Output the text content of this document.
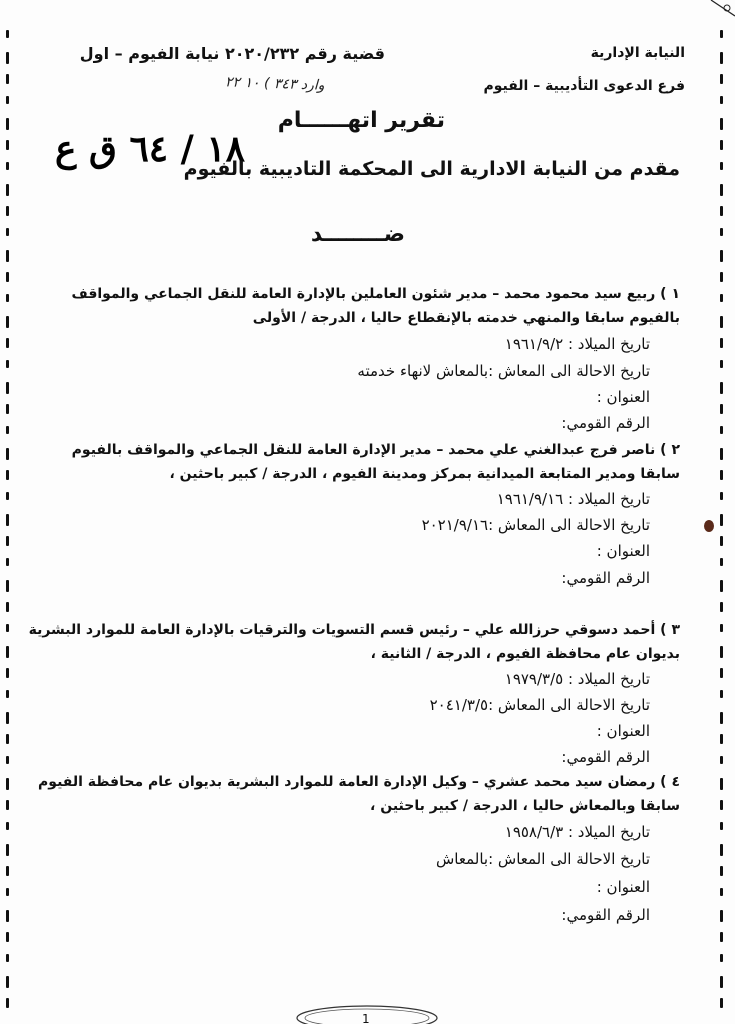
النيابة الإدارية
فرع الدعوى التأديبية – الفيوم
قضية رقم ٢٠٢٠/٢٣٢ نيابة الفيوم – اول
وارد ٣٤٣ ) ١٠ ٢٢
١٨ / ٦٤ ق ع
تقرير اتهــــــام
مقدم من النيابة الادارية الى المحكمة التاديبية بالفيوم
ضــــــــد
١ ) ربيع سيد محمود محمد – مدير شئون العاملين بالإدارة العامة للنقل الجماعي والمواقف
بالفيوم سابقا والمنهي خدمته بالإنقطاع حاليا ، الدرجة / الأولى
تاريخ الميلاد : ١٩٦١/٩/٢
تاريخ الاحالة الى المعاش :بالمعاش لانهاء خدمته
العنوان :
الرقم القومي:
٢ ) ناصر فرج عبدالغني علي محمد – مدير الإدارة العامة للنقل الجماعي والمواقف بالفيوم
سابقا ومدير المتابعة الميدانية بمركز ومدينة الفيوم ، الدرجة / كبير باحثين ،
تاريخ الميلاد : ١٩٦١/٩/١٦
تاريخ الاحالة الى المعاش :٢٠٢١/٩/١٦
العنوان :
الرقم القومي:
٣ ) أحمد دسوقي حرزالله علي – رئيس قسم التسويات والترقيات بالإدارة العامة للموارد البشرية
بديوان عام محافظة الفيوم ، الدرجة / الثانية ،
تاريخ الميلاد : ١٩٧٩/٣/٥
تاريخ الاحالة الى المعاش :٢٠٤١/٣/٥
العنوان :
الرقم القومي:
٤ ) رمضان سيد محمد عشري – وكيل الإدارة العامة للموارد البشرية بديوان عام محافظة الفيوم
سابقا وبالمعاش حاليا ، الدرجة / كبير باحثين ،
تاريخ الميلاد : ١٩٥٨/٦/٣
تاريخ الاحالة الى المعاش :بالمعاش
العنوان :
الرقم القومي:
1
